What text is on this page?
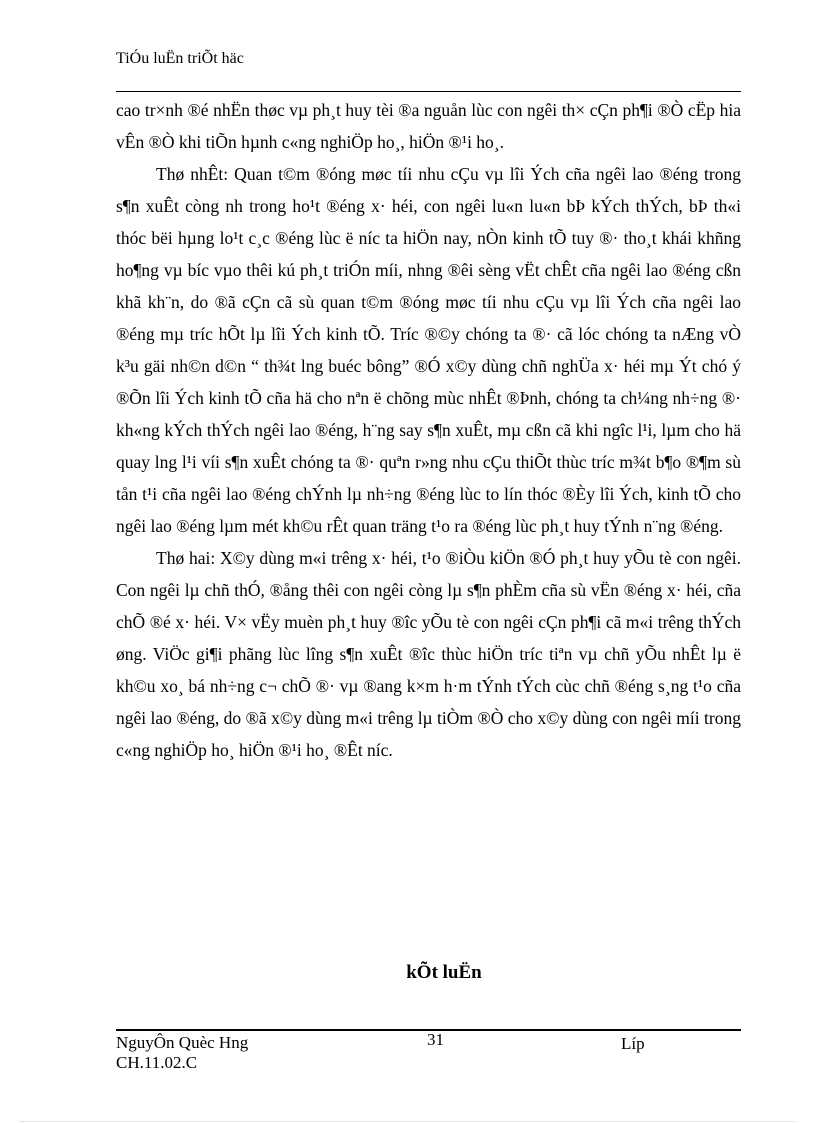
TiÓu luËn triÕt häc

cao tr×nh ®é nhËn thøc vµ ph¸t huy tèi ®a nguån lùc con ngêi th× cÇn ph¶i ®Ò cËp hia vÊn ®Ò khi tiÕn hµnh c«ng nghiÖp ho¸, hiÖn ®¹i ho¸.

Thø nhÊt: Quan t©m ®óng møc tíi nhu cÇu vµ lîi Ých cña ngêi lao ®éng trong s¶n xuÊt còng nh trong ho¹t ®éng x· héi, con ngêi lu«n lu«n bÞ kÝch thÝch, bÞ th«i thóc bëi hµng lo¹t c¸c ®éng lùc ë níc ta hiÖn nay, nÒn kinh tÕ tuy ®· tho¸t khái khñng ho¶ng vµ bíc vµo thêi kú ph¸t triÓn míi, nhng ®êi sèng vËt chÊt cña ngêi lao ®éng cßn khã kh¨n, do ®ã cÇn cã sù quan t©m ®óng møc tíi nhu cÇu vµ lîi Ých cña ngêi lao ®éng mµ tríc hÕt lµ lîi Ých kinh tÕ. Tríc ®©y chóng ta ®· cã lóc chóng ta nÆng vÒ k³u gäi nh©n d©n “ th¾t lng buéc bông” ®Ó x©y dùng chñ nghÜa x· héi mµ Ýt chó ý ®Õn lîi Ých kinh tÕ cña hä cho nªn ë chõng mùc nhÊt ®Þnh, chóng ta ch¼ng nh÷ng ®· kh«ng kÝch thÝch ngêi lao ®éng, h¨ng say s¶n xuÊt, mµ cßn cã khi ngîc l¹i, lµm cho hä quay lng l¹i víi s¶n xuÊt chóng ta ®· quªn r»ng nhu cÇu thiÕt thùc tríc m¾t b¶o ®¶m sù tån t¹i cña ngêi lao ®éng chÝnh lµ nh÷ng ®éng lùc to lín thóc ®Èy lîi Ých, kinh tÕ cho ngêi lao ®éng lµm mét kh©u rÊt quan träng t¹o ra ®éng lùc ph¸t huy tÝnh n¨ng ®éng.

Thø hai: X©y dùng m«i trêng x· héi, t¹o ®iÒu kiÖn ®Ó ph¸t huy yÕu tè con ngêi. Con ngêi lµ chñ thÓ, ®ång thêi con ngêi còng lµ s¶n phÈm cña sù vËn ®éng x· héi, cña chÕ ®é x· héi. V× vËy muèn ph¸t huy ®îc yÕu tè con ngêi cÇn ph¶i cã m«i trêng thÝch øng. ViÖc gi¶i phãng lùc lîng s¶n xuÊt ®îc thùc hiÖn tríc tiªn vµ chñ yÕu nhÊt lµ ë kh©u xo¸ bá nh÷ng c¬ chÕ ®· vµ ®ang k×m h·m tÝnh tÝch cùc chñ ®éng s¸ng t¹o cña ngêi lao ®éng, do ®ã x©y dùng m«i trêng lµ tiÒm ®Ò cho x©y dùng con ngêi míi trong c«ng nghiÖp ho¸ hiÖn ®¹i ho¸ ®Êt níc.

kÕt luËn
NguyÔn Quèc Hng
CH.11.02.C
31	Líp
